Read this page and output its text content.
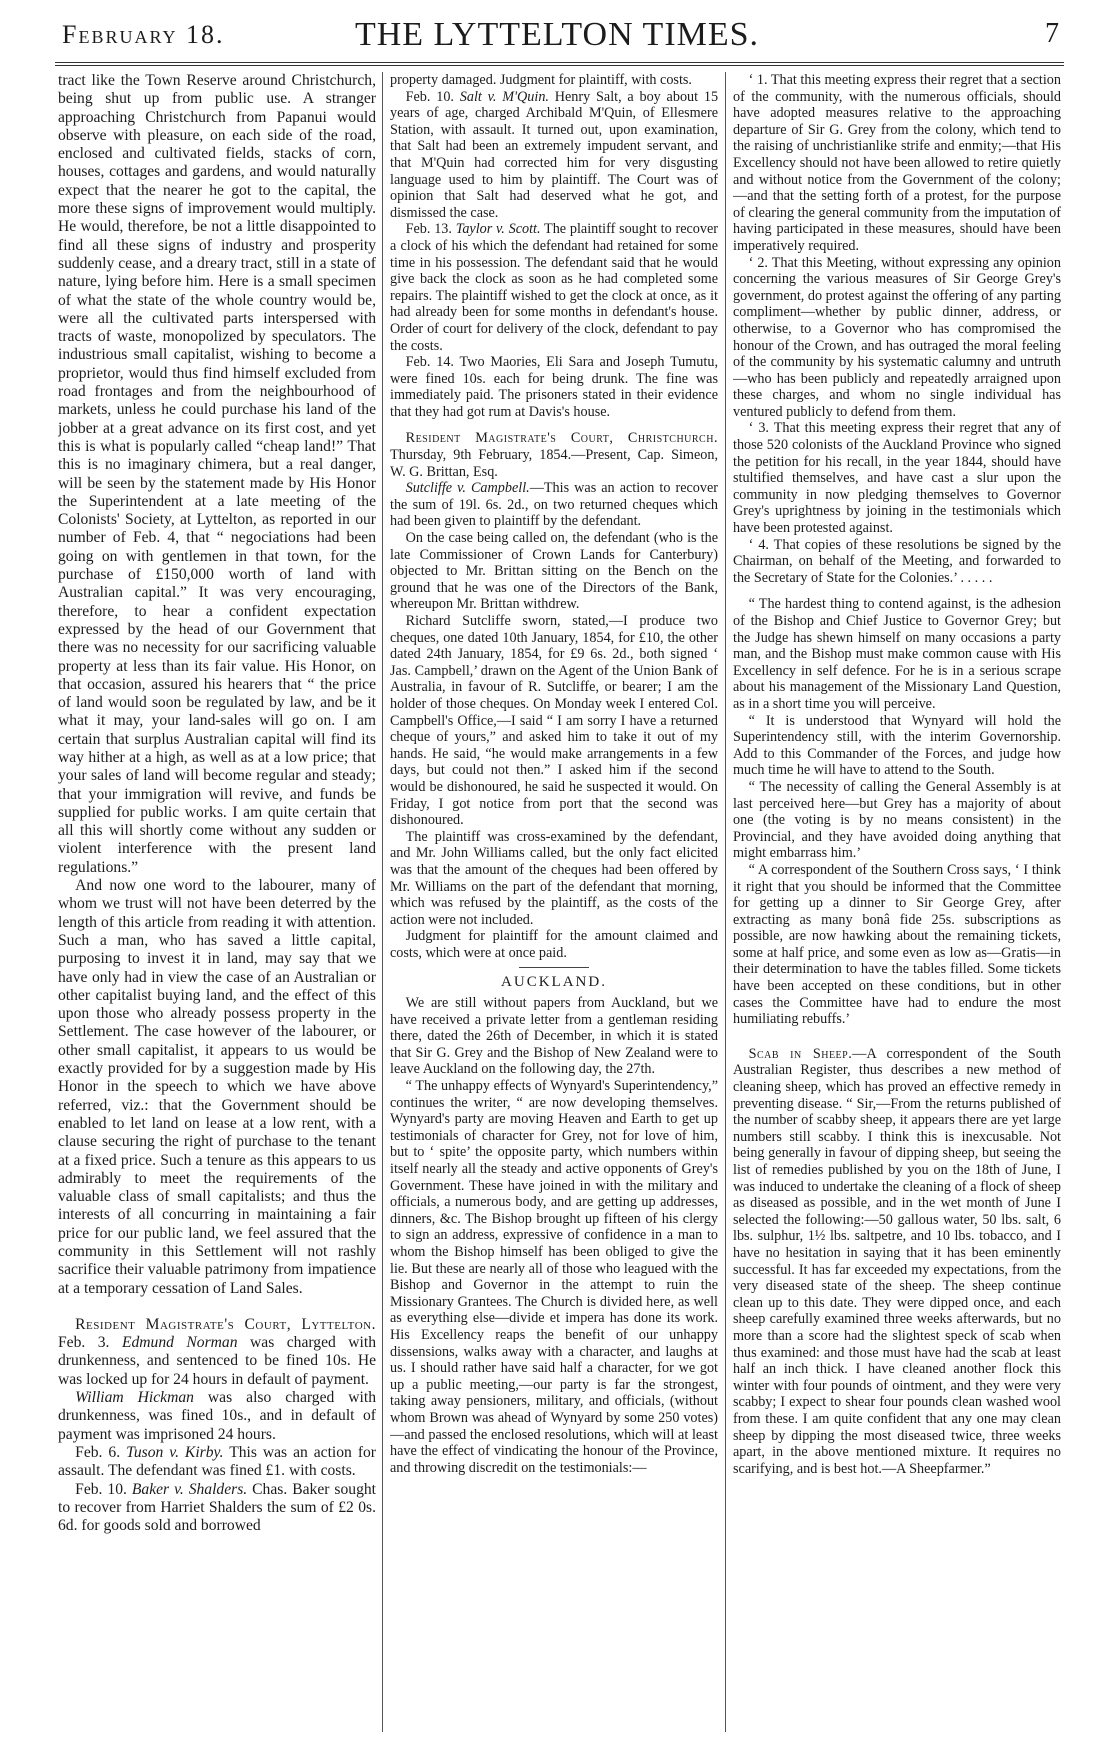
February 18.	THE LYTTELTON TIMES.	7

tract like the Town Reserve around Christchurch, being shut up from public use. A stranger approaching Christchurch from Papanui would observe with pleasure, on each side of the road, enclosed and cultivated fields, stacks of corn, houses, cottages and gardens, and would naturally expect that the nearer he got to the capital, the more these signs of improvement would multiply. He would, therefore, be not a little disappointed to find all these signs of industry and prosperity suddenly cease, and a dreary tract, still in a state of nature, lying before him. Here is a small specimen of what the state of the whole country would be, were all the cultivated parts interspersed with tracts of waste, monopolized by speculators. The industrious small capitalist, wishing to become a proprietor, would thus find himself excluded from road frontages and from the neighbourhood of markets, unless he could purchase his land of the jobber at a great advance on its first cost, and yet this is what is popularly called “cheap land!” That this is no imaginary chimera, but a real danger, will be seen by the statement made by His Honor the Superintendent at a late meeting of the Colonists' Society, at Lyttelton, as reported in our number of Feb. 4, that “ negociations had been going on with gentlemen in that town, for the purchase of £150,000 worth of land with Australian capital.” It was very encouraging, therefore, to hear a confident expectation expressed by the head of our Government that there was no necessity for our sacrificing valuable property at less than its fair value. His Honor, on that occasion, assured his hearers that “ the price of land would soon be regulated by law, and be it what it may, your land-sales will go on. I am certain that surplus Australian capital will find its way hither at a high, as well as at a low price; that your sales of land will become regular and steady; that your immigration will revive, and funds be supplied for public works. I am quite certain that all this will shortly come without any sudden or violent interference with the present land regulations.”

And now one word to the labourer, many of whom we trust will not have been deterred by the length of this article from reading it with attention. Such a man, who has saved a little capital, purposing to invest it in land, may say that we have only had in view the case of an Australian or other capitalist buying land, and the effect of this upon those who already possess property in the Settlement. The case however of the labourer, or other small capitalist, it appears to us would be exactly provided for by a suggestion made by His Honor in the speech to which we have above referred, viz.: that the Government should be enabled to let land on lease at a low rent, with a clause securing the right of purchase to the tenant at a fixed price. Such a tenure as this appears to us admirably to meet the requirements of the valuable class of small capitalists; and thus the interests of all concurring in maintaining a fair price for our public land, we feel assured that the community in this Settlement will not rashly sacrifice their valuable patrimony from impatience at a temporary cessation of Land Sales.

Resident Magistrate's Court, Lyttelton. Feb. 3. Edmund Norman was charged with drunkenness, and sentenced to be fined 10s. He was locked up for 24 hours in default of payment.

William Hickman was also charged with drunkenness, was fined 10s., and in default of payment was imprisoned 24 hours.

Feb. 6. Tuson v. Kirby. This was an action for assault. The defendant was fined £1. with costs.

Feb. 10. Baker v. Shalders. Chas. Baker sought to recover from Harriet Shalders the sum of £2 0s. 6d. for goods sold and borrowed

property damaged. Judgment for plaintiff, with costs.

Feb. 10. Salt v. M'Quin. Henry Salt, a boy about 15 years of age, charged Archibald M'Quin, of Ellesmere Station, with assault. It turned out, upon examination, that Salt had been an extremely impudent servant, and that M'Quin had corrected him for very disgusting language used to him by plaintiff. The Court was of opinion that Salt had deserved what he got, and dismissed the case.

Feb. 13. Taylor v. Scott. The plaintiff sought to recover a clock of his which the defendant had retained for some time in his possession. The defendant said that he would give back the clock as soon as he had completed some repairs. The plaintiff wished to get the clock at once, as it had already been for some months in defendant's house. Order of court for delivery of the clock, defendant to pay the costs.

Feb. 14. Two Maories, Eli Sara and Joseph Tumutu, were fined 10s. each for being drunk. The fine was immediately paid. The prisoners stated in their evidence that they had got rum at Davis's house.

Resident Magistrate's Court, Christchurch. Thursday, 9th February, 1854.—Present, Cap. Simeon, W. G. Brittan, Esq.

Sutcliffe v. Campbell.—This was an action to recover the sum of 19l. 6s. 2d., on two returned cheques which had been given to plaintiff by the defendant.

On the case being called on, the defendant (who is the late Commissioner of Crown Lands for Canterbury) objected to Mr. Brittan sitting on the Bench on the ground that he was one of the Directors of the Bank, whereupon Mr. Brittan withdrew.

Richard Sutcliffe sworn, stated,—I produce two cheques, one dated 10th January, 1854, for £10, the other dated 24th January, 1854, for £9 6s. 2d., both signed ‘ Jas. Campbell,’ drawn on the Agent of the Union Bank of Australia, in favour of R. Sutcliffe, or bearer; I am the holder of those cheques. On Monday week I entered Col. Campbell's Office,—I said “ I am sorry I have a returned cheque of yours,” and asked him to take it out of my hands. He said, “he would make arrangements in a few days, but could not then.” I asked him if the second would be dishonoured, he said he suspected it would. On Friday, I got notice from port that the second was dishonoured.

The plaintiff was cross-examined by the defendant, and Mr. John Williams called, but the only fact elicited was that the amount of the cheques had been offered by Mr. Williams on the part of the defendant that morning, which was refused by the plaintiff, as the costs of the action were not included.

Judgment for plaintiff for the amount claimed and costs, which were at once paid.

AUCKLAND.

We are still without papers from Auckland, but we have received a private letter from a gentleman residing there, dated the 26th of December, in which it is stated that Sir G. Grey and the Bishop of New Zealand were to leave Auckland on the following day, the 27th.

“ The unhappy effects of Wynyard's Superintendency,” continues the writer, “ are now developing themselves. Wynyard's party are moving Heaven and Earth to get up testimonials of character for Grey, not for love of him, but to ‘ spite’ the opposite party, which numbers within itself nearly all the steady and active opponents of Grey's Government. These have joined in with the military and officials, a numerous body, and are getting up addresses, dinners, &c. The Bishop brought up fifteen of his clergy to sign an address, expressive of confidence in a man to whom the Bishop himself has been obliged to give the lie. But these are nearly all of those who leagued with the Bishop and Governor in the attempt to ruin the Missionary Grantees. The Church is divided here, as well as everything else—divide et impera has done its work. His Excellency reaps the benefit of our unhappy dissensions, walks away with a character, and laughs at us. I should rather have said half a character, for we got up a public meeting,—our party is far the strongest, taking away pensioners, military, and officials, (without whom Brown was ahead of Wynyard by some 250 votes)—and passed the enclosed resolutions, which will at least have the effect of vindicating the honour of the Province, and throwing discredit on the testimonials:—

‘ 1. That this meeting express their regret that a section of the community, with the numerous officials, should have adopted measures relative to the approaching departure of Sir G. Grey from the colony, which tend to the raising of unchristianlike strife and enmity;—that His Excellency should not have been allowed to retire quietly and without notice from the Government of the colony;—and that the setting forth of a protest, for the purpose of clearing the general community from the imputation of having participated in these measures, should have been imperatively required.

‘ 2. That this Meeting, without expressing any opinion concerning the various measures of Sir George Grey's government, do protest against the offering of any parting compliment—whether by public dinner, address, or otherwise, to a Governor who has compromised the honour of the Crown, and has outraged the moral feeling of the community by his systematic calumny and untruth—who has been publicly and repeatedly arraigned upon these charges, and whom no single individual has ventured publicly to defend from them.

‘ 3. That this meeting express their regret that any of those 520 colonists of the Auckland Province who signed the petition for his recall, in the year 1844, should have stultified themselves, and have cast a slur upon the community in now pledging themselves to Governor Grey's uprightness by joining in the testimonials which have been protested against.

‘ 4. That copies of these resolutions be signed by the Chairman, on behalf of the Meeting, and forwarded to the Secretary of State for the Colonies.’ . . . . .

“ The hardest thing to contend against, is the adhesion of the Bishop and Chief Justice to Governor Grey; but the Judge has shewn himself on many occasions a party man, and the Bishop must make common cause with His Excellency in self defence. For he is in a serious scrape about his management of the Missionary Land Question, as in a short time you will perceive.

“ It is understood that Wynyard will hold the Superintendency still, with the interim Governorship. Add to this Commander of the Forces, and judge how much time he will have to attend to the South.

“ The necessity of calling the General Assembly is at last perceived here—but Grey has a majority of about one (the voting is by no means consistent) in the Provincial, and they have avoided doing anything that might embarrass him.’

“ A correspondent of the Southern Cross says, ‘ I think it right that you should be informed that the Committee for getting up a dinner to Sir George Grey, after extracting as many bonâ fide 25s. subscriptions as possible, are now hawking about the remaining tickets, some at half price, and some even as low as—Gratis—in their determination to have the tables filled. Some tickets have been accepted on these conditions, but in other cases the Committee have had to endure the most humiliating rebuffs.’

Scab in Sheep.—A correspondent of the South Australian Register, thus describes a new method of cleaning sheep, which has proved an effective remedy in preventing disease. “ Sir,—From the returns published of the number of scabby sheep, it appears there are yet large numbers still scabby. I think this is inexcusable. Not being generally in favour of dipping sheep, but seeing the list of remedies published by you on the 18th of June, I was induced to undertake the cleaning of a flock of sheep as diseased as possible, and in the wet month of June I selected the following:—50 gallous water, 50 lbs. salt, 6 lbs. sulphur, 1½ lbs. saltpetre, and 10 lbs. tobacco, and I have no hesitation in saying that it has been eminently successful. It has far exceeded my expectations, from the very diseased state of the sheep. The sheep continue clean up to this date. They were dipped once, and each sheep carefully examined three weeks afterwards, but no more than a score had the slightest speck of scab when thus examined: and those must have had the scab at least half an inch thick. I have cleaned another flock this winter with four pounds of ointment, and they were very scabby; I expect to shear four pounds clean washed wool from these. I am quite confident that any one may clean sheep by dipping the most diseased twice, three weeks apart, in the above mentioned mixture. It requires no scarifying, and is best hot.—A Sheepfarmer.”
